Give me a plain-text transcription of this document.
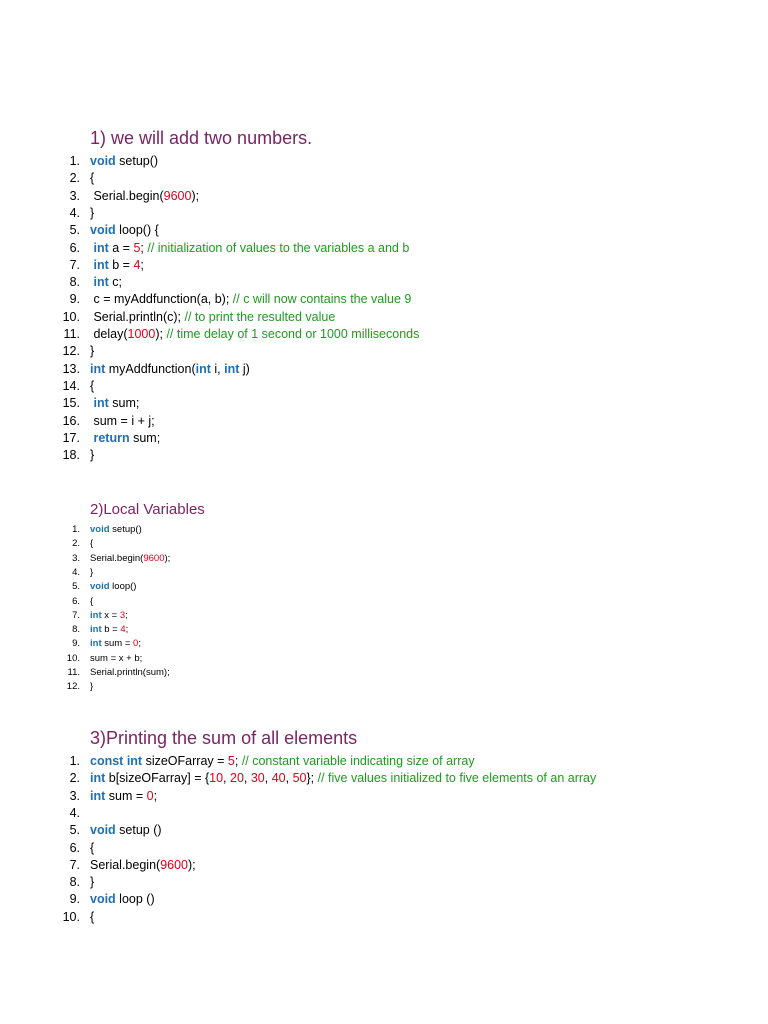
1) we will add two numbers.
1. void setup()
2. {
3. Serial.begin(9600);
4. }
5. void loop() {
6. int a = 5; // initialization of values to the variables a and b
7. int b = 4;
8. int c;
9. c = myAddfunction(a, b); // c will now contains the value 9
10. Serial.println(c); // to print the resulted value
11. delay(1000); // time delay of 1 second or 1000 milliseconds
12. }
13. int myAddfunction(int i, int j)
14. {
15. int sum;
16. sum = i + j;
17. return sum;
18. }
2)Local Variables
1. void setup()
2. {
3. Serial.begin(9600);
4. }
5. void loop()
6. {
7. int x = 3;
8. int b = 4;
9. int sum = 0;
10. sum = x + b;
11. Serial.println(sum);
12. }
3)Printing the sum of all elements
1. const int sizeOFarray = 5; // constant variable indicating size of array
2. int b[sizeOFarray] = {10, 20, 30, 40, 50}; // five values initialized to five elements of an array
3. int sum = 0;
4.
5. void setup ()
6. {
7. Serial.begin(9600);
8. }
9. void loop ()
10. {
